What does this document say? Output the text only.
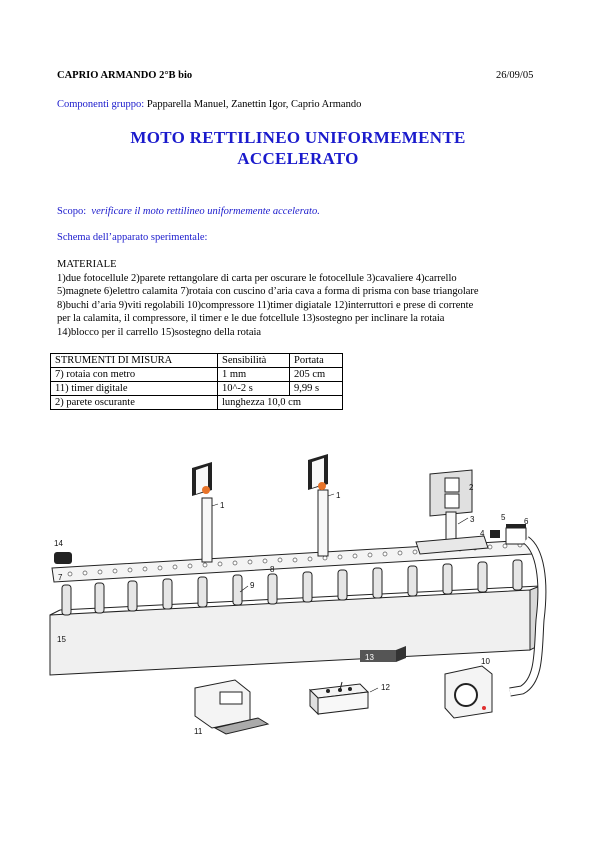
CAPRIO ARMANDO 2°B bio	26/09/05
Componenti gruppo: Papparella Manuel, Zanettin Igor, Caprio Armando
MOTO RETTILINEO UNIFORMEMENTE
ACCELERATO
Scopo: verificare il moto rettilineo uniformemente accelerato.
Schema dell’apparato sperimentale:
MATERIALE
1)due fotocellule 2)parete rettangolare di carta per oscurare le fotocellule 3)cavaliere 4)carrello
5)magnete 6)elettro calamita 7)rotaia con cuscino d’aria cava a forma di prisma con base triangolare
8)buchi d’aria 9)viti regolabili 10)compressore 11)timer digiatale 12)interruttori e prese di corrente
per la calamita, il compressore, il timer e le due fotcellule 13)sostegno per inclinare la rotaia
14)blocco per il carrello 15)sostegno della rotaia
STRUMENTI DI MISURA	Sensibilità	Portata
7) rotaia con metro	1 mm	205 cm
11) timer digitale	10^-2 s	9,99 s
2) parete oscurante	lunghezza 10,0 cm	
1
1
2
3
4
5 6
7
8
9
10
11
12
13
14
15
